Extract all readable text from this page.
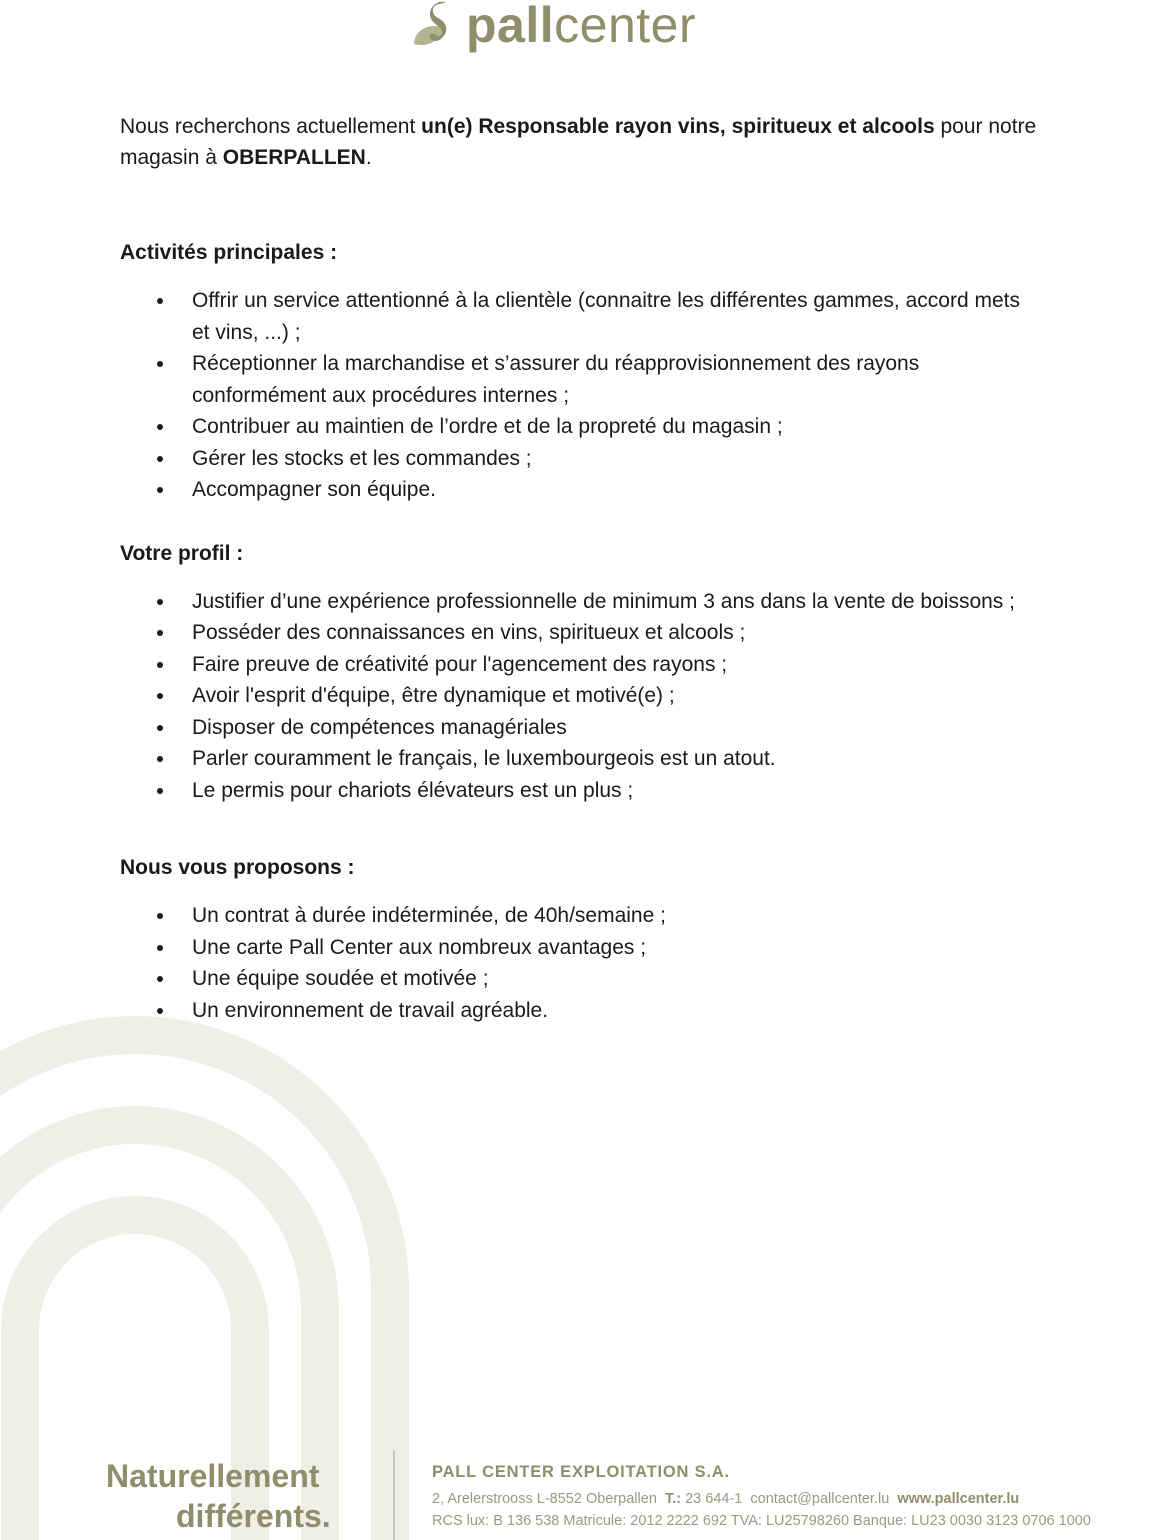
pallcenter

Nous recherchons actuellement un(e) Responsable rayon vins, spiritueux et alcools pour notre magasin à OBERPALLEN.

Activités principales :

Offrir un service attentionné à la clientèle (connaitre les différentes gammes, accord mets et vins, ...) ;
Réceptionner la marchandise et s’assurer du réapprovisionnement des rayons conformément aux procédures internes ;
Contribuer au maintien de l’ordre et de la propreté du magasin ;
Gérer les stocks et les commandes ;
Accompagner son équipe.

Votre profil :

Justifier d’une expérience professionnelle de minimum 3 ans dans la vente de boissons ;
Posséder des connaissances en vins, spiritueux et alcools ;
Faire preuve de créativité pour l'agencement des rayons ;
Avoir l'esprit d'équipe, être dynamique et motivé(e) ;
Disposer de compétences managériales
Parler couramment le français, le luxembourgeois est un atout.
Le permis pour chariots élévateurs est un plus ;

Nous vous proposons :

Un contrat à durée indéterminée, de 40h/semaine ;
Une carte Pall Center aux nombreux avantages ;
Une équipe soudée et motivée ;
Un environnement de travail agréable.
Naturellement
différents.
PALL CENTER EXPLOITATION S.A.
2, Arelerstrooss L-8552 Oberpallen T.: 23 644-1 contact@pallcenter.lu www.pallcenter.lu
RCS lux: B 136 538 Matricule: 2012 2222 692 TVA: LU25798260 Banque: LU23 0030 3123 0706 1000
